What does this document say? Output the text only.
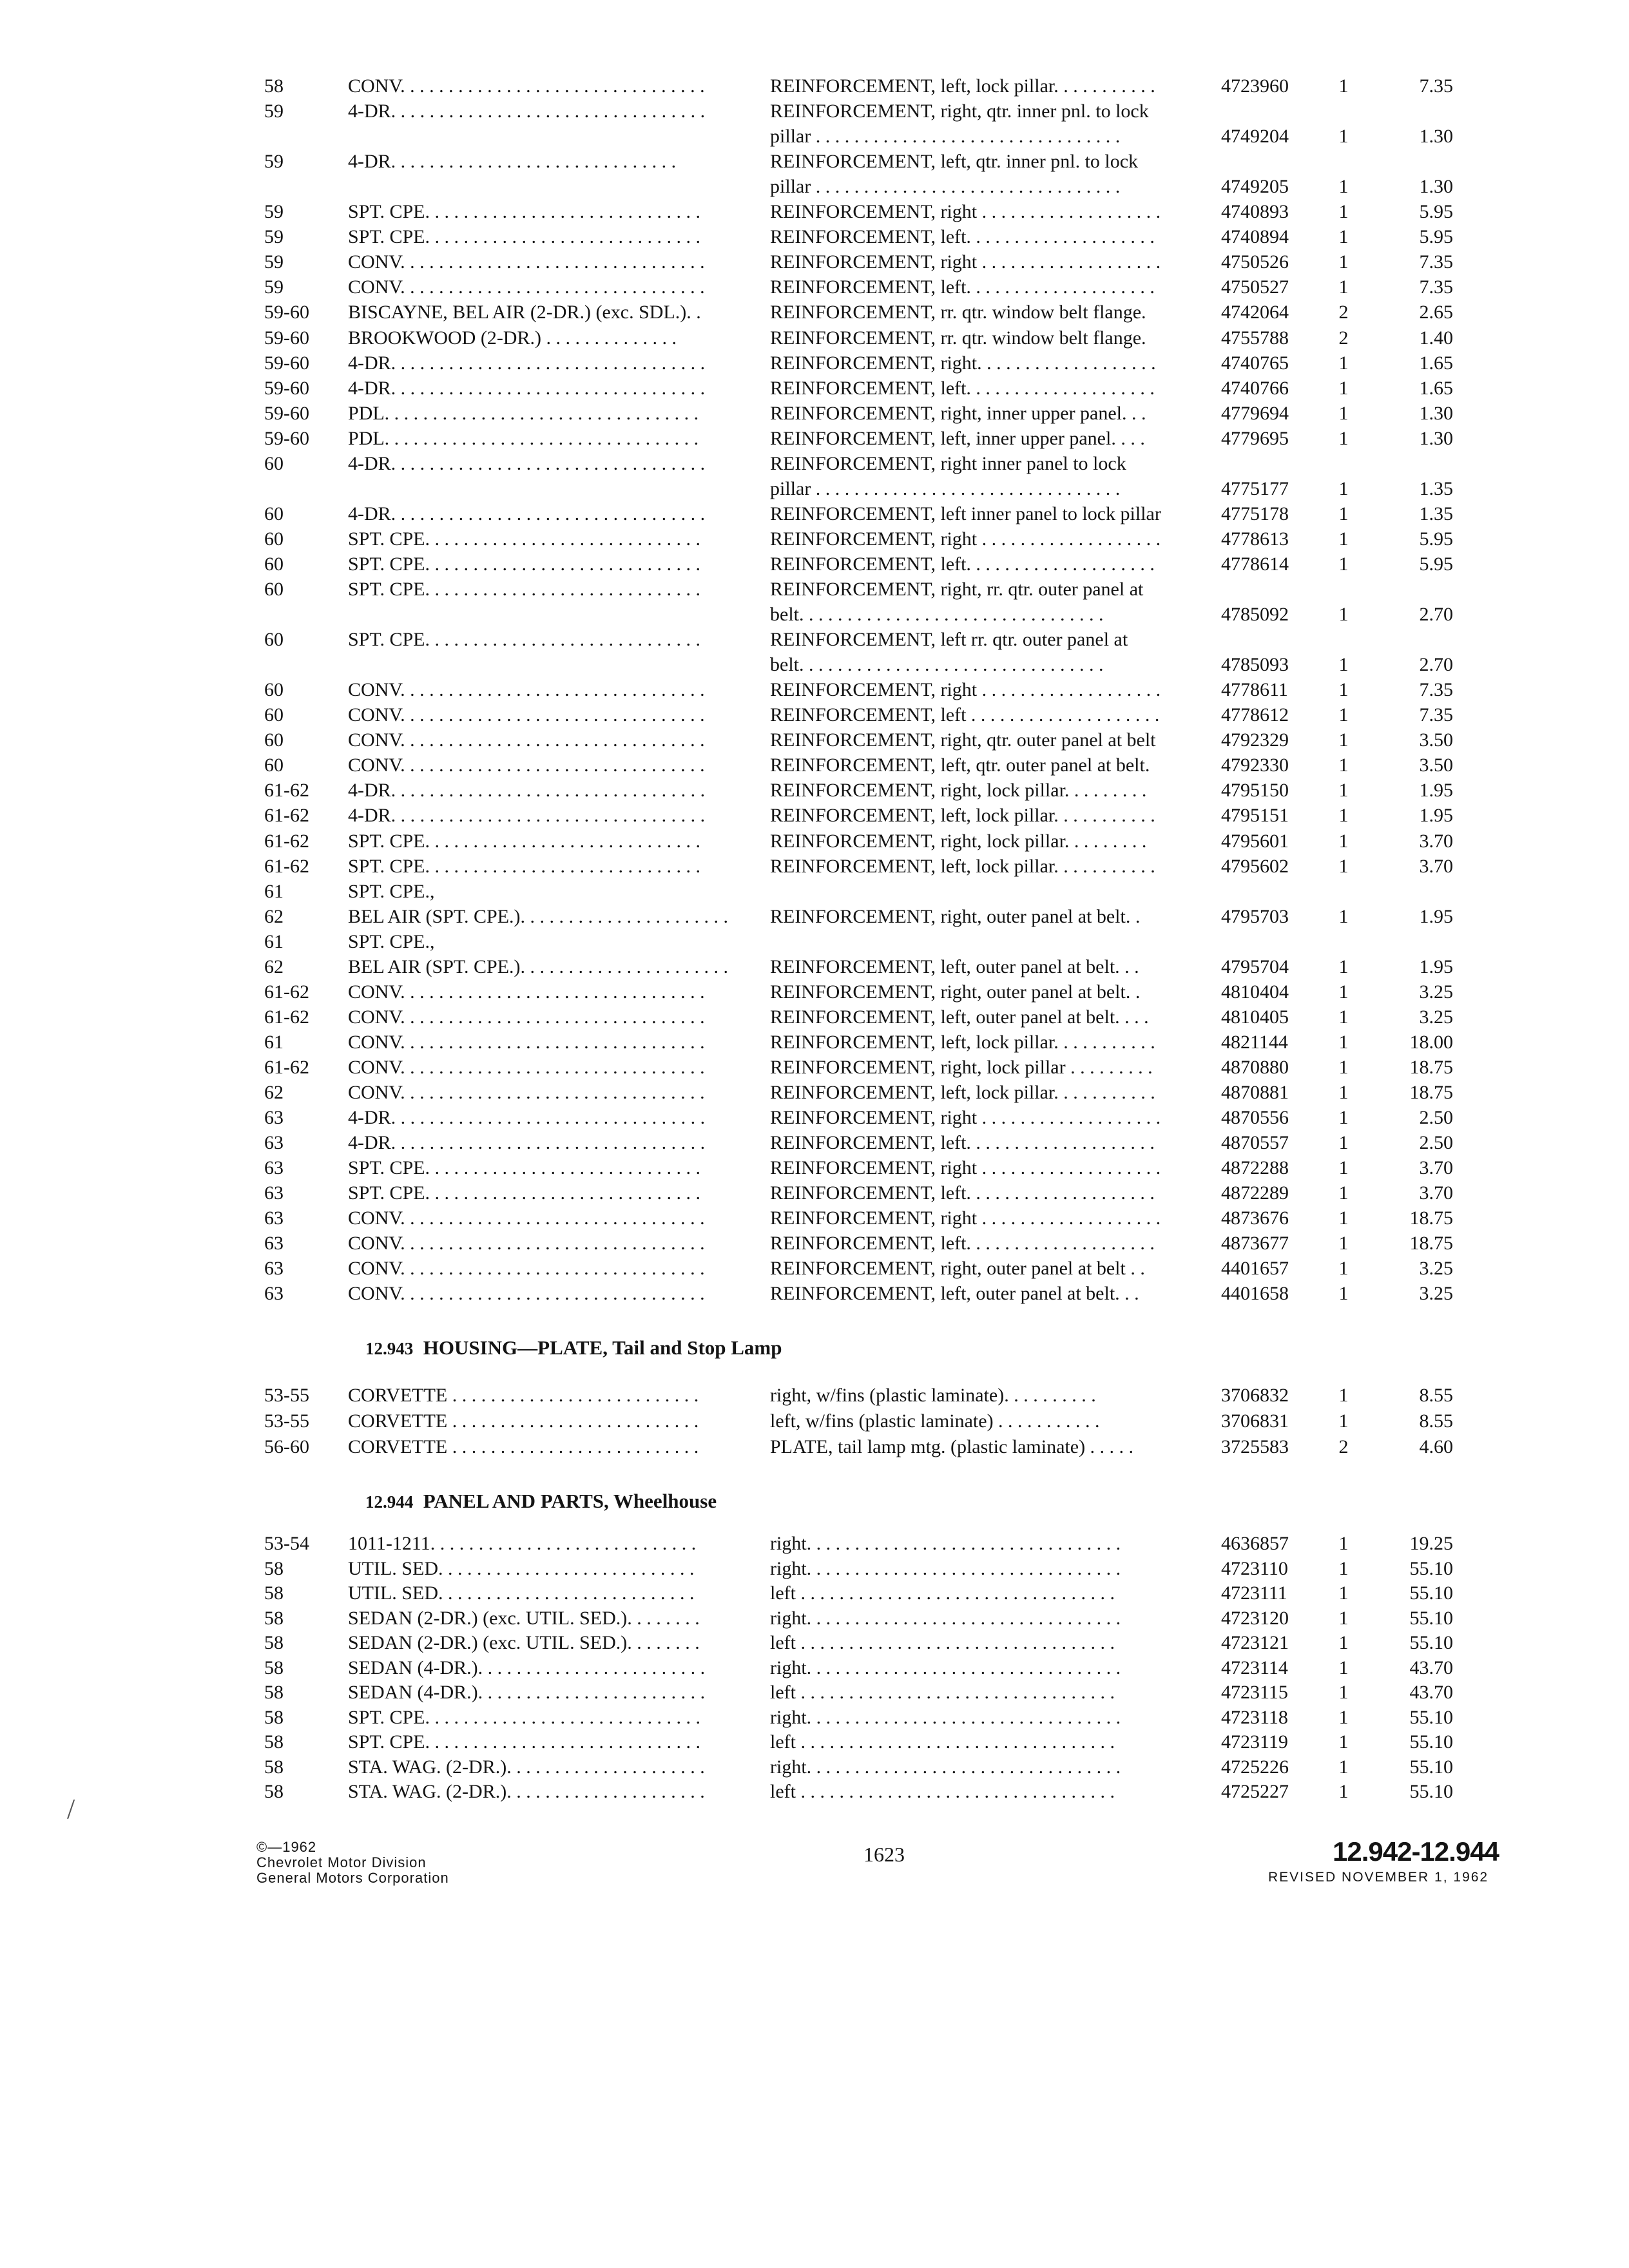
58	CONV. . . . . . . . . . . . . . . . . . . . . . . . . . . . . . . .	REINFORCEMENT, left, lock pillar. . . . . . . . . . .	4723960	1	7.35
59	4-DR. . . . . . . . . . . . . . . . . . . . . . . . . . . . . . . . .	REINFORCEMENT, right, qtr. inner pnl. to lock
pillar . . . . . . . . . . . . . . . . . . . . . . . . . . . . . . . .	4749204	1	1.30
59	4-DR. . . . . . . . . . . . . . . . . . . . . . . . . . . . . .	REINFORCEMENT, left, qtr. inner pnl. to lock
pillar . . . . . . . . . . . . . . . . . . . . . . . . . . . . . . . .	4749205	1	1.30
59	SPT. CPE. . . . . . . . . . . . . . . . . . . . . . . . . . . . .	REINFORCEMENT, right . . . . . . . . . . . . . . . . . . .	4740893	1	5.95
59	SPT. CPE. . . . . . . . . . . . . . . . . . . . . . . . . . . . .	REINFORCEMENT, left. . . . . . . . . . . . . . . . . . . .	4740894	1	5.95
59	CONV. . . . . . . . . . . . . . . . . . . . . . . . . . . . . . . .	REINFORCEMENT, right . . . . . . . . . . . . . . . . . . .	4750526	1	7.35
59	CONV. . . . . . . . . . . . . . . . . . . . . . . . . . . . . . . .	REINFORCEMENT, left. . . . . . . . . . . . . . . . . . . .	4750527	1	7.35
59-60	BISCAYNE, BEL AIR (2-DR.) (exc. SDL.). .	REINFORCEMENT, rr. qtr. window belt flange.	4742064	2	2.65
59-60	BROOKWOOD (2-DR.) . . . . . . . . . . . . . .	REINFORCEMENT, rr. qtr. window belt flange.	4755788	2	1.40
59-60	4-DR. . . . . . . . . . . . . . . . . . . . . . . . . . . . . . . . .	REINFORCEMENT, right. . . . . . . . . . . . . . . . . . .	4740765	1	1.65
59-60	4-DR. . . . . . . . . . . . . . . . . . . . . . . . . . . . . . . . .	REINFORCEMENT, left. . . . . . . . . . . . . . . . . . . .	4740766	1	1.65
59-60	PDL. . . . . . . . . . . . . . . . . . . . . . . . . . . . . . . . .	REINFORCEMENT, right, inner upper panel. . .	4779694	1	1.30
59-60	PDL. . . . . . . . . . . . . . . . . . . . . . . . . . . . . . . . .	REINFORCEMENT, left, inner upper panel. . . .	4779695	1	1.30
60	4-DR. . . . . . . . . . . . . . . . . . . . . . . . . . . . . . . . .	REINFORCEMENT, right inner panel to lock
pillar . . . . . . . . . . . . . . . . . . . . . . . . . . . . . . . .	4775177	1	1.35
60	4-DR. . . . . . . . . . . . . . . . . . . . . . . . . . . . . . . . .	REINFORCEMENT, left inner panel to lock pillar	4775178	1	1.35
60	SPT. CPE. . . . . . . . . . . . . . . . . . . . . . . . . . . . .	REINFORCEMENT, right . . . . . . . . . . . . . . . . . . .	4778613	1	5.95
60	SPT. CPE. . . . . . . . . . . . . . . . . . . . . . . . . . . . .	REINFORCEMENT, left. . . . . . . . . . . . . . . . . . . .	4778614	1	5.95
60	SPT. CPE. . . . . . . . . . . . . . . . . . . . . . . . . . . . .	REINFORCEMENT, right, rr. qtr. outer panel at
belt. . . . . . . . . . . . . . . . . . . . . . . . . . . . . . . .	4785092	1	2.70
60	SPT. CPE. . . . . . . . . . . . . . . . . . . . . . . . . . . . .	REINFORCEMENT, left rr. qtr. outer panel at
belt. . . . . . . . . . . . . . . . . . . . . . . . . . . . . . . .	4785093	1	2.70
60	CONV. . . . . . . . . . . . . . . . . . . . . . . . . . . . . . . .	REINFORCEMENT, right . . . . . . . . . . . . . . . . . . .	4778611	1	7.35
60	CONV. . . . . . . . . . . . . . . . . . . . . . . . . . . . . . . .	REINFORCEMENT, left . . . . . . . . . . . . . . . . . . . .	4778612	1	7.35
60	CONV. . . . . . . . . . . . . . . . . . . . . . . . . . . . . . . .	REINFORCEMENT, right, qtr. outer panel at belt	4792329	1	3.50
60	CONV. . . . . . . . . . . . . . . . . . . . . . . . . . . . . . . .	REINFORCEMENT, left, qtr. outer panel at belt.	4792330	1	3.50
61-62	4-DR. . . . . . . . . . . . . . . . . . . . . . . . . . . . . . . . .	REINFORCEMENT, right, lock pillar. . . . . . . . .	4795150	1	1.95
61-62	4-DR. . . . . . . . . . . . . . . . . . . . . . . . . . . . . . . . .	REINFORCEMENT, left, lock pillar. . . . . . . . . . .	4795151	1	1.95
61-62	SPT. CPE. . . . . . . . . . . . . . . . . . . . . . . . . . . . .	REINFORCEMENT, right, lock pillar. . . . . . . . .	4795601	1	3.70
61-62	SPT. CPE. . . . . . . . . . . . . . . . . . . . . . . . . . . . .	REINFORCEMENT, left, lock pillar. . . . . . . . . . .	4795602	1	3.70
61	SPT. CPE.,
62	BEL AIR (SPT. CPE.). . . . . . . . . . . . . . . . . . . . . .	REINFORCEMENT, right, outer panel at belt. .	4795703	1	1.95
61	SPT. CPE.,
62	BEL AIR (SPT. CPE.). . . . . . . . . . . . . . . . . . . . . .	REINFORCEMENT, left, outer panel at belt. . .	4795704	1	1.95
61-62	CONV. . . . . . . . . . . . . . . . . . . . . . . . . . . . . . . .	REINFORCEMENT, right, outer panel at belt. .	4810404	1	3.25
61-62	CONV. . . . . . . . . . . . . . . . . . . . . . . . . . . . . . . .	REINFORCEMENT, left, outer panel at belt. . . .	4810405	1	3.25
61	CONV. . . . . . . . . . . . . . . . . . . . . . . . . . . . . . . .	REINFORCEMENT, left, lock pillar. . . . . . . . . . .	4821144	1	18.00
61-62	CONV. . . . . . . . . . . . . . . . . . . . . . . . . . . . . . . .	REINFORCEMENT, right, lock pillar . . . . . . . . .	4870880	1	18.75
62	CONV. . . . . . . . . . . . . . . . . . . . . . . . . . . . . . . .	REINFORCEMENT, left, lock pillar. . . . . . . . . . .	4870881	1	18.75
63	4-DR. . . . . . . . . . . . . . . . . . . . . . . . . . . . . . . . .	REINFORCEMENT, right . . . . . . . . . . . . . . . . . . .	4870556	1	2.50
63	4-DR. . . . . . . . . . . . . . . . . . . . . . . . . . . . . . . . .	REINFORCEMENT, left. . . . . . . . . . . . . . . . . . . .	4870557	1	2.50
63	SPT. CPE. . . . . . . . . . . . . . . . . . . . . . . . . . . . .	REINFORCEMENT, right . . . . . . . . . . . . . . . . . . .	4872288	1	3.70
63	SPT. CPE. . . . . . . . . . . . . . . . . . . . . . . . . . . . .	REINFORCEMENT, left. . . . . . . . . . . . . . . . . . . .	4872289	1	3.70
63	CONV. . . . . . . . . . . . . . . . . . . . . . . . . . . . . . . .	REINFORCEMENT, right . . . . . . . . . . . . . . . . . . .	4873676	1	18.75
63	CONV. . . . . . . . . . . . . . . . . . . . . . . . . . . . . . . .	REINFORCEMENT, left. . . . . . . . . . . . . . . . . . . .	4873677	1	18.75
63	CONV. . . . . . . . . . . . . . . . . . . . . . . . . . . . . . . .	REINFORCEMENT, right, outer panel at belt . .	4401657	1	3.25
63	CONV. . . . . . . . . . . . . . . . . . . . . . . . . . . . . . . .	REINFORCEMENT, left, outer panel at belt. . .	4401658	1	3.25
12.943 HOUSING—PLATE, Tail and Stop Lamp
53-55	CORVETTE . . . . . . . . . . . . . . . . . . . . . . . . . .	right, w/fins (plastic laminate). . . . . . . . . .	3706832	1	8.55
53-55	CORVETTE . . . . . . . . . . . . . . . . . . . . . . . . . .	left, w/fins (plastic laminate) . . . . . . . . . . .	3706831	1	8.55
56-60	CORVETTE . . . . . . . . . . . . . . . . . . . . . . . . . .	PLATE, tail lamp mtg. (plastic laminate) . . . . .	3725583	2	4.60
12.944 PANEL AND PARTS, Wheelhouse
53-54	1011-1211. . . . . . . . . . . . . . . . . . . . . . . . . . . .	right. . . . . . . . . . . . . . . . . . . . . . . . . . . . . . . . .	4636857	1	19.25
58	UTIL. SED. . . . . . . . . . . . . . . . . . . . . . . . . . .	right. . . . . . . . . . . . . . . . . . . . . . . . . . . . . . . . .	4723110	1	55.10
58	UTIL. SED. . . . . . . . . . . . . . . . . . . . . . . . . . .	left . . . . . . . . . . . . . . . . . . . . . . . . . . . . . . . . .	4723111	1	55.10
58	SEDAN (2-DR.) (exc. UTIL. SED.). . . . . . . .	right. . . . . . . . . . . . . . . . . . . . . . . . . . . . . . . . .	4723120	1	55.10
58	SEDAN (2-DR.) (exc. UTIL. SED.). . . . . . . .	left . . . . . . . . . . . . . . . . . . . . . . . . . . . . . . . . .	4723121	1	55.10
58	SEDAN (4-DR.). . . . . . . . . . . . . . . . . . . . . . . .	right. . . . . . . . . . . . . . . . . . . . . . . . . . . . . . . . .	4723114	1	43.70
58	SEDAN (4-DR.). . . . . . . . . . . . . . . . . . . . . . . .	left . . . . . . . . . . . . . . . . . . . . . . . . . . . . . . . . .	4723115	1	43.70
58	SPT. CPE. . . . . . . . . . . . . . . . . . . . . . . . . . . . .	right. . . . . . . . . . . . . . . . . . . . . . . . . . . . . . . . .	4723118	1	55.10
58	SPT. CPE. . . . . . . . . . . . . . . . . . . . . . . . . . . . .	left . . . . . . . . . . . . . . . . . . . . . . . . . . . . . . . . .	4723119	1	55.10
58	STA. WAG. (2-DR.). . . . . . . . . . . . . . . . . . . . .	right. . . . . . . . . . . . . . . . . . . . . . . . . . . . . . . . .	4725226	1	55.10
58	STA. WAG. (2-DR.). . . . . . . . . . . . . . . . . . . . .	left . . . . . . . . . . . . . . . . . . . . . . . . . . . . . . . . .	4725227	1	55.10
/
©—1962
Chevrolet Motor Division
General Motors Corporation
1623	12.942-12.944
REVISED NOVEMBER 1, 1962
